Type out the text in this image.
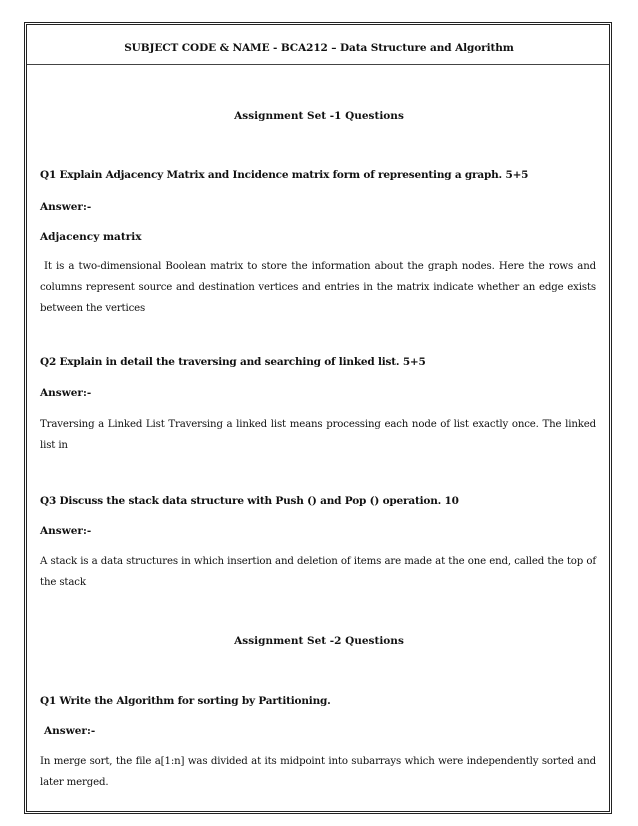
SUBJECT CODE & NAME - BCA212 – Data Structure and Algorithm
Assignment Set -1 Questions
Q1 Explain Adjacency Matrix and Incidence matrix form of representing a graph. 5+5
Answer:-
Adjacency matrix
It is a two-dimensional Boolean matrix to store the information about the graph nodes. Here the rows and columns represent source and destination vertices and entries in the matrix indicate whether an edge exists between the vertices
Q2 Explain in detail the traversing and searching of linked list. 5+5
Answer:-
Traversing a Linked List Traversing a linked list means processing each node of list exactly once. The linked list in
Q3 Discuss the stack data structure with Push () and Pop () operation. 10
Answer:-
A stack is a data structures in which insertion and deletion of items are made at the one end, called the top of the stack
Assignment Set -2 Questions
Q1 Write the Algorithm for sorting by Partitioning.
Answer:-
In merge sort, the file a[1:n] was divided at its midpoint into subarrays which were independently sorted and later merged.
